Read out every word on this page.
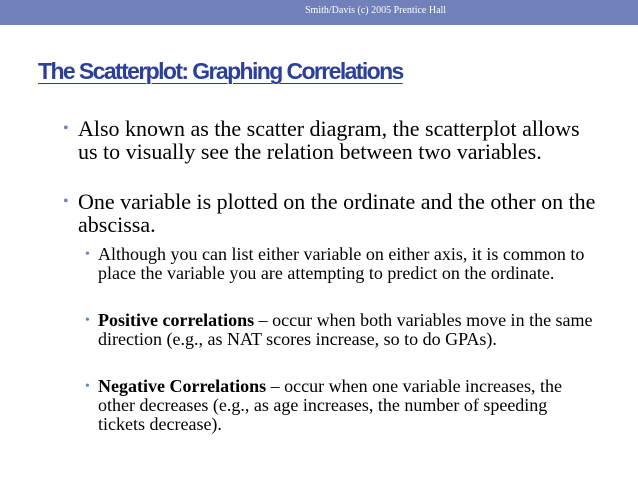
Smith/Davis (c) 2005 Prentice Hall
The Scatterplot: Graphing Correlations
• Also known as the scatter diagram, the scatterplot allows us to visually see the relation between two variables.
• One variable is plotted on the ordinate and the other on the abscissa.
• Although you can list either variable on either axis, it is common to place the variable you are attempting to predict on the ordinate.
• Positive correlations – occur when both variables move in the same direction (e.g., as NAT scores increase, so to do GPAs).
• Negative Correlations – occur when one variable increases, the other decreases (e.g., as age increases, the number of speeding tickets decrease).
